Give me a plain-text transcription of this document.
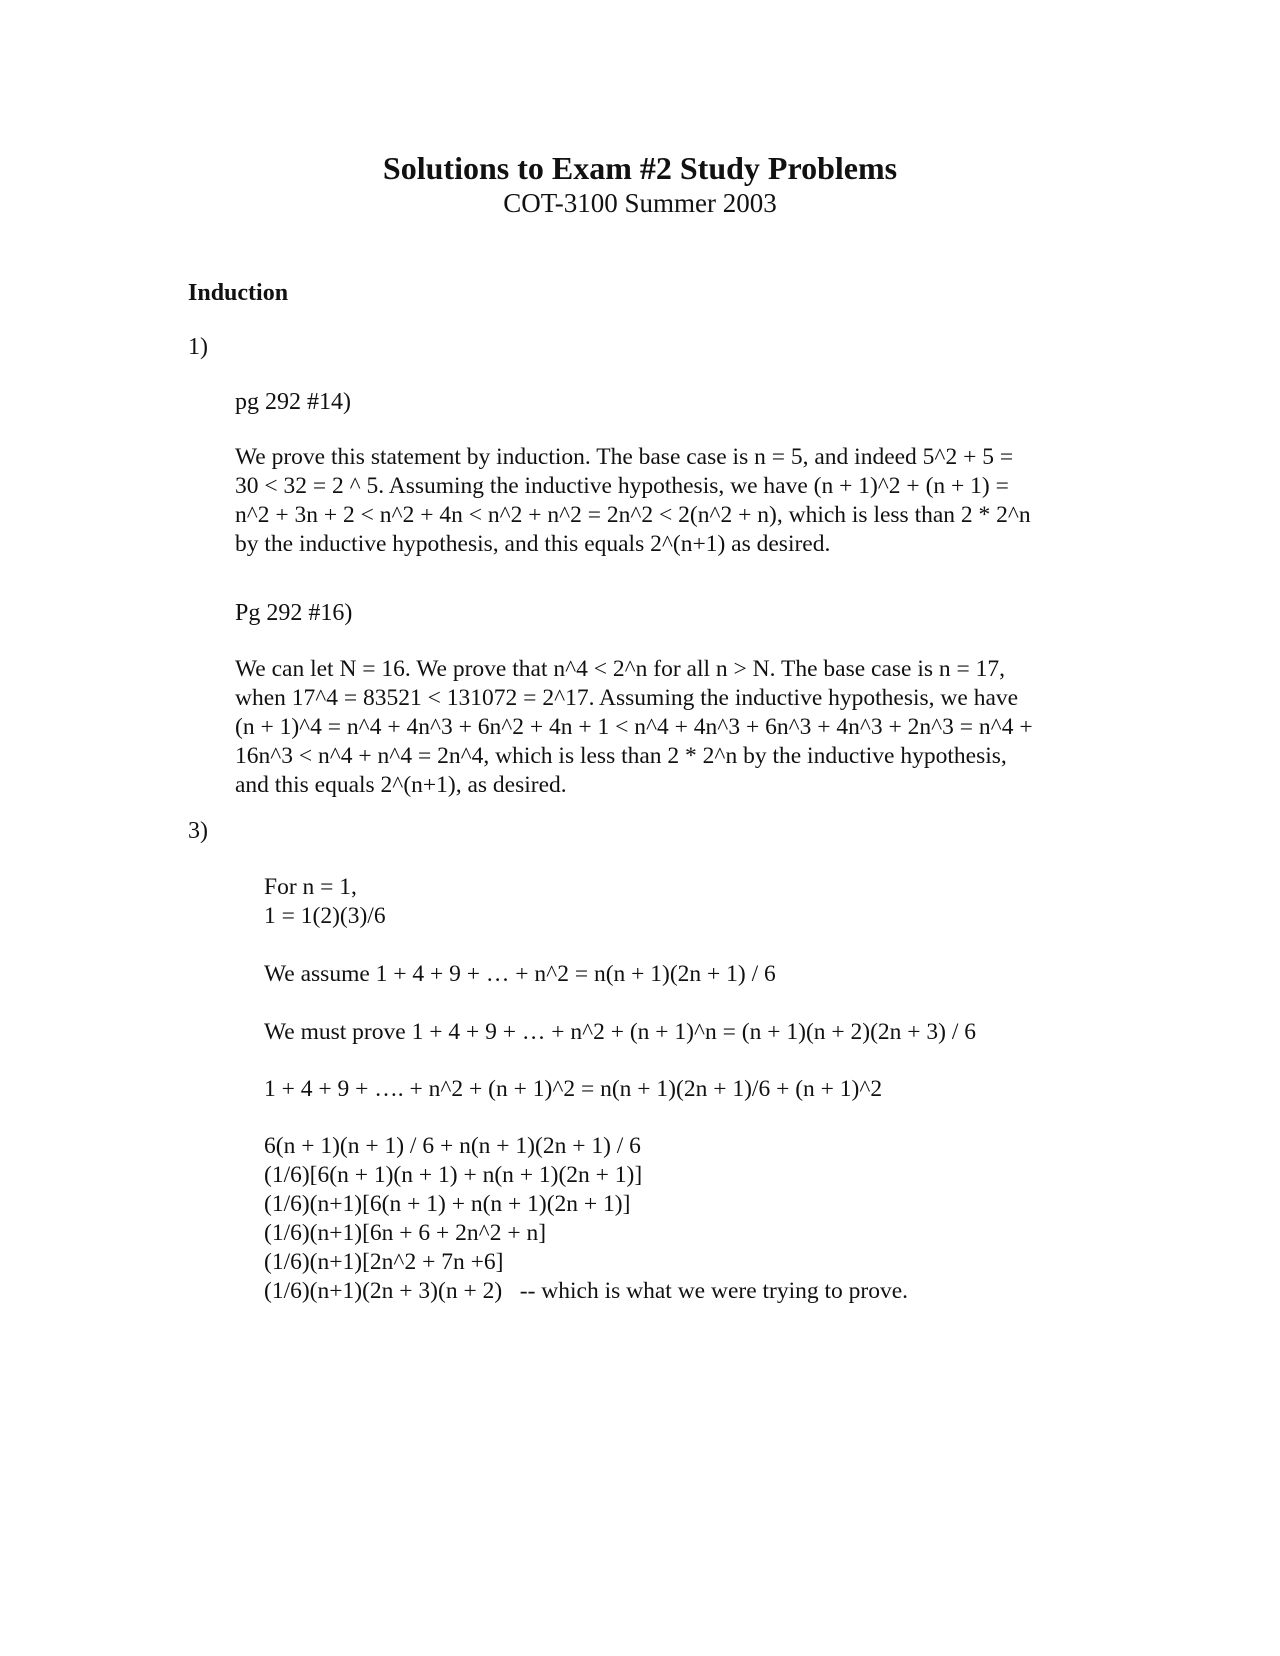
Solutions to Exam #2 Study Problems
COT-3100 Summer 2003
Induction
1)
pg 292 #14)
We prove this statement by induction. The base case is n = 5, and indeed 5^2 + 5 =
30 < 32 = 2 ^ 5. Assuming the inductive hypothesis, we have (n + 1)^2 + (n + 1) =
n^2 + 3n + 2 < n^2 + 4n < n^2 + n^2 = 2n^2 < 2(n^2 + n), which is less than 2 * 2^n
by the inductive hypothesis, and this equals 2^(n+1) as desired.
Pg 292 #16)
We can let N = 16. We prove that n^4 < 2^n for all n > N. The base case is n = 17,
when 17^4 = 83521 < 131072 = 2^17. Assuming the inductive hypothesis, we have
(n + 1)^4 = n^4 + 4n^3 + 6n^2 + 4n + 1 < n^4 + 4n^3 + 6n^3 + 4n^3 + 2n^3 = n^4 +
16n^3 < n^4 + n^4 = 2n^4, which is less than 2 * 2^n by the inductive hypothesis,
and this equals 2^(n+1), as desired.
3)
For n = 1,
1 = 1(2)(3)/6
We assume 1 + 4 + 9 + … + n^2 = n(n + 1)(2n + 1) / 6
We must prove 1 + 4 + 9 + … + n^2 + (n + 1)^n = (n + 1)(n + 2)(2n + 3) / 6
1 + 4 + 9 + …. + n^2 + (n + 1)^2 = n(n + 1)(2n + 1)/6 + (n + 1)^2
6(n + 1)(n + 1) / 6 + n(n + 1)(2n + 1) / 6
(1/6)[6(n + 1)(n + 1) + n(n + 1)(2n + 1)]
(1/6)(n+1)[6(n + 1) + n(n + 1)(2n + 1)]
(1/6)(n+1)[6n + 6 + 2n^2 + n]
(1/6)(n+1)[2n^2 + 7n +6]
(1/6)(n+1)(2n + 3)(n + 2)   -- which is what we were trying to prove.
